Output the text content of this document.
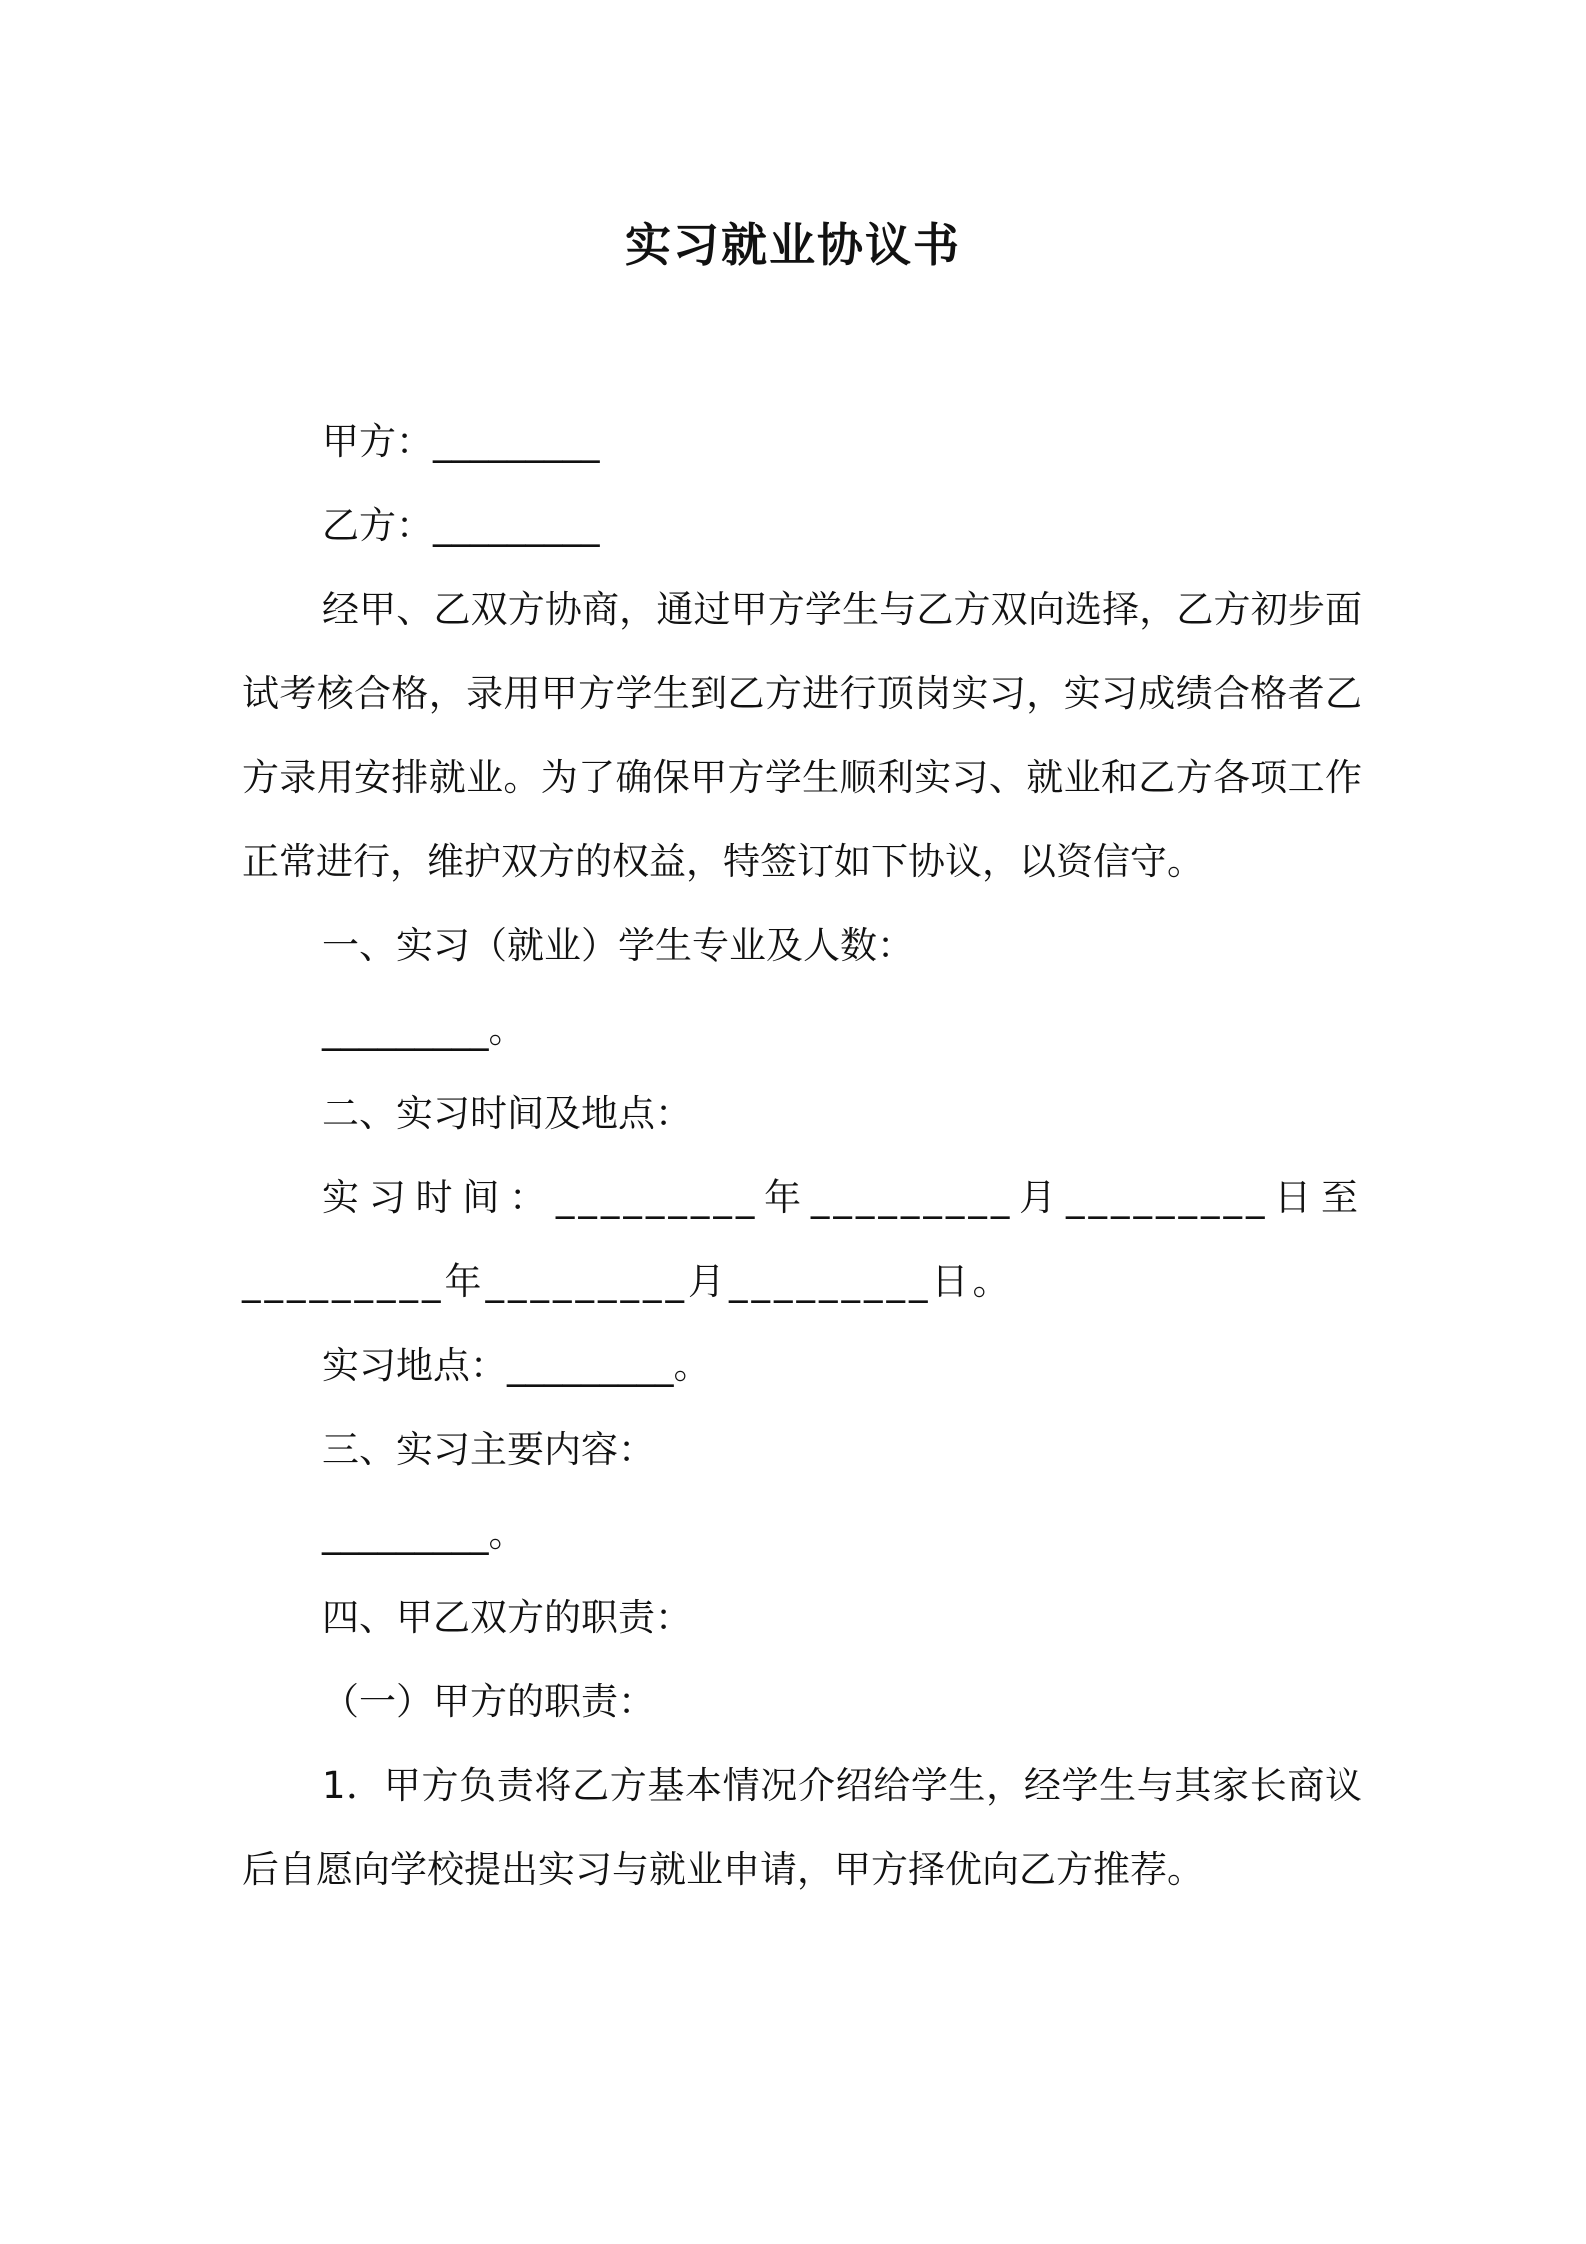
实习就业协议书

甲方：_________

乙方：_________

经甲、乙双方协商，通过甲方学生与乙方双向选择，乙方初步面试考核合格，录用甲方学生到乙方进行顶岗实习，实习成绩合格者乙方录用安排就业。为了确保甲方学生顺利实习、就业和乙方各项工作正常进行，维护双方的权益，特签订如下协议，以资信守。

一、实习（就业）学生专业及人数：

_________。

二、实习时间及地点：

实习时间：_________年_________月_________日至_________年_________月_________日。

实习地点：_________。

三、实习主要内容：

_________。

四、甲乙双方的职责：

（一）甲方的职责：

1．甲方负责将乙方基本情况介绍给学生，经学生与其家长商议后自愿向学校提出实习与就业申请，甲方择优向乙方推荐。
